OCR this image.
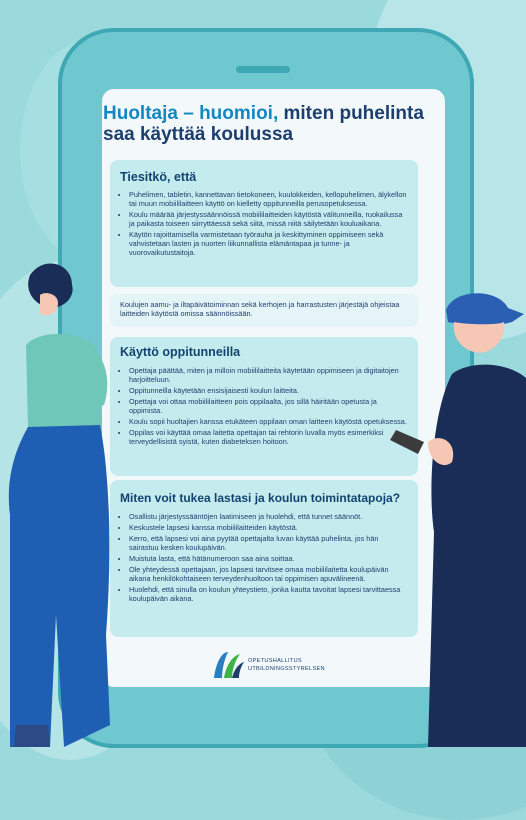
Huoltaja – huomioi, miten puhelinta saa käyttää koulussa
Tiesitkö, että
• Puhelimen, tabletin, kannettavan tietokoneen, kuulokkeiden, kellopuhelimen, älykellon tai muun mobiililaitteen käyttö on kielletty oppitunneilla perusopetuksessa.
• Koulu määrää järjestyssäännöissä mobiililaitteiden käytöstä välitunneilla, ruokailussa ja paikasta toiseen siirryttäessä sekä siitä, missä niitä säilytetään kouluaikana.
• Käytön rajoittamisella varmistetaan työrauha ja keskittyminen oppimiseen sekä vahvistetaan lasten ja nuorten liikunnallista elämäntapaa ja tunne- ja vuorovaikutustaitoja.

Koulujen aamu- ja iltapäivätoiminnan sekä kerhojen ja harrastusten järjestäjä ohjeistaa laitteiden käytöstä omissa säännöissään.

Käyttö oppitunneilla
• Opettaja päättää, miten ja milloin mobiililaitteita käytetään oppimiseen ja digitaitojen harjoitteluun.
• Oppitunneilla käytetään ensisijaisesti koulun laitteita.
• Opettaja voi ottaa mobiililaitteen pois oppilaalta, jos sillä häiritään opetusta ja oppimista.
• Koulu sopii huoltajien kanssa etukäteen oppilaan oman laitteen käytöstä opetuksessa.
• Oppilas voi käyttää omaa laitetta opettajan tai rehtorin luvalla myös esimerkiksi terveydellisistä syistä, kuten diabeteksen hoitoon.
Miten voit tukea lastasi ja koulun toimintatapoja?
• Osallistu järjestyssääntöjen laatimiseen ja huolehdi, että tunnet säännöt.
• Keskustele lapsesi kanssa mobiililaitteiden käytöstä.
• Kerro, että lapsesi voi aina pyytää opettajalta luvan käyttää puhelinta, jos hän sairastuu kesken koulupäivän.
• Muistuta lasta, että hätänumeroon saa aina soittaa.
• Ole yhteydessä opettajaan, jos lapsesi tarvitsee omaa mobiililaitetta koulupäivän aikana henkilökohtaiseen terveydenhuoltoon tai oppimisen apuvälineenä.
• Huolehdi, että sinulla on koulun yhteystieto, jonka kautta tavoitat lapsesi tarvittaessa koulupäivän aikana.
OPETUSHALLITUS
UTBILDNINGSSTYRELSEN
